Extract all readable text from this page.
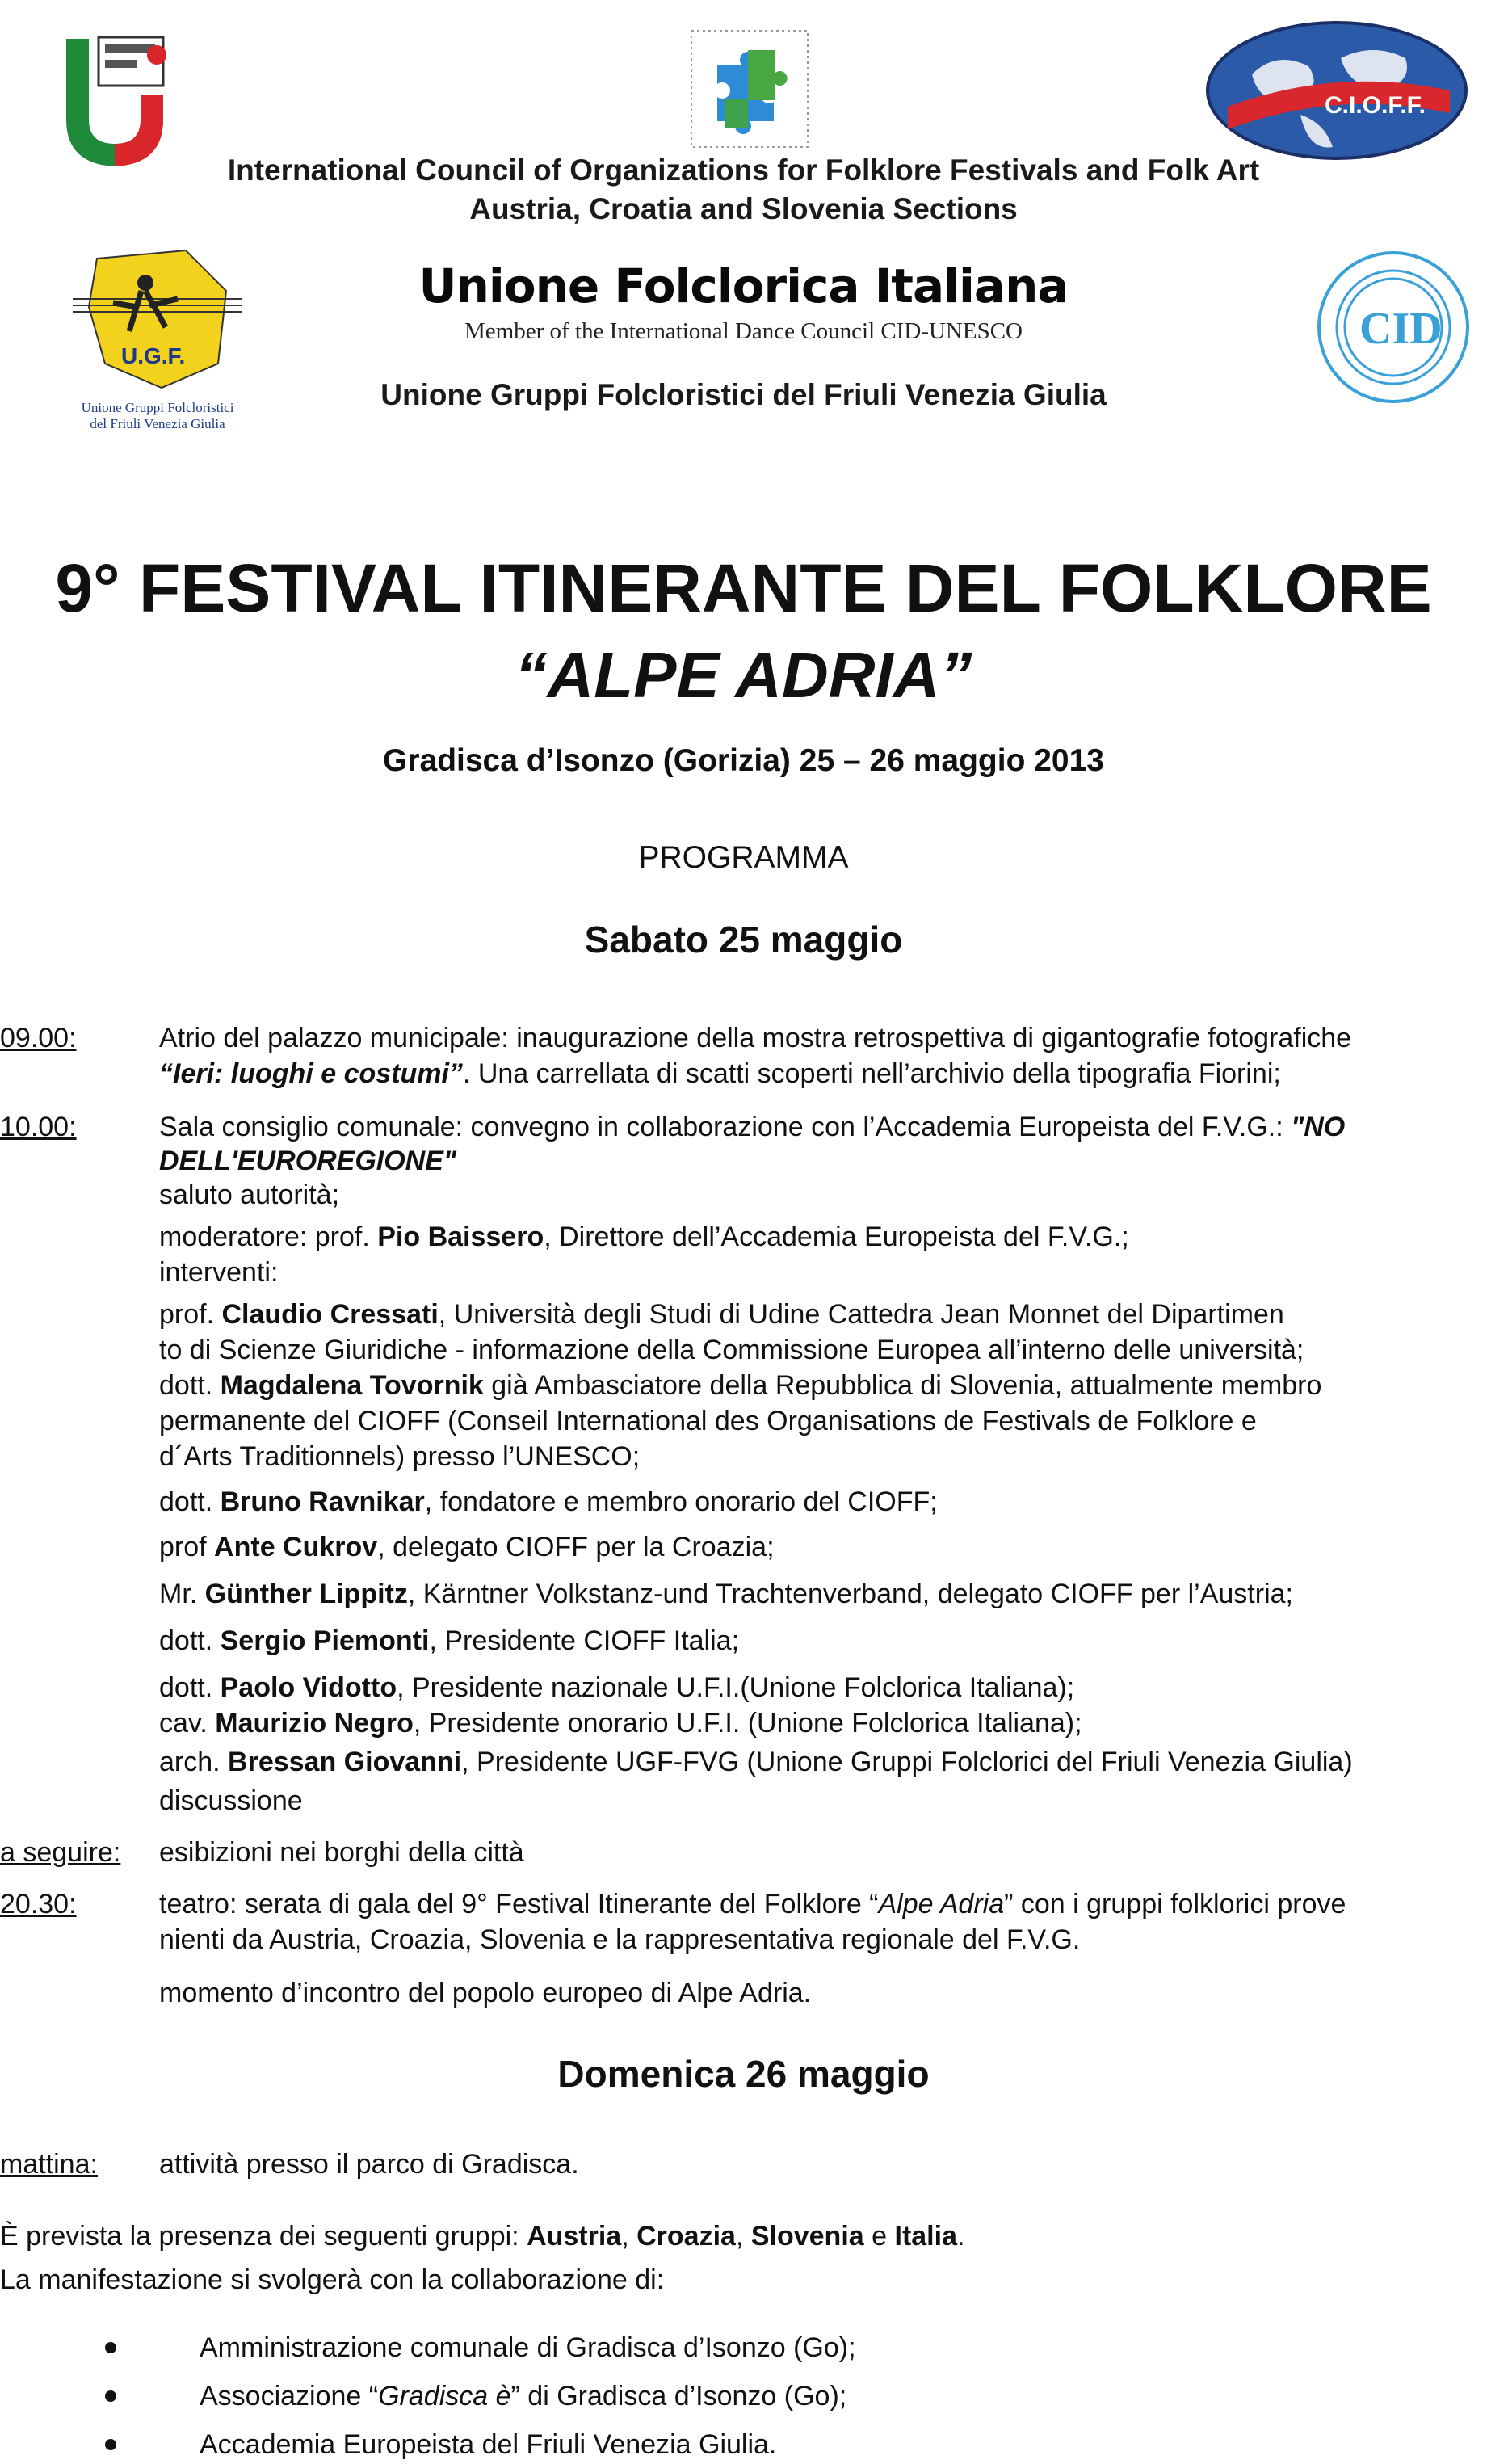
C.I.O.F.F.
International Council of Organizations for Folklore Festivals and Folk Art
Austria, Croatia and Slovenia Sections
U.G.F.
Unione Gruppi Folcloristici del Friuli Venezia Giulia
Unione Folclorica Italiana
Member of the International Dance Council CID-UNESCO
Unione Gruppi Folcloristici del Friuli Venezia Giulia
CID
9° FESTIVAL ITINERANTE DEL FOLKLORE
“ALPE ADRIA”
Gradisca d’Isonzo (Gorizia) 25 – 26 maggio 2013
PROGRAMMA
Sabato 25 maggio
09.00:	Atrio del palazzo municipale: inaugurazione della mostra retrospettiva di gigantografie fotografiche
“Ieri: luoghi e costumi”. Una carrellata di scatti scoperti nell’archivio della tipografia Fiorini;
10.00:	Sala consiglio comunale: convegno in collaborazione con l’Accademia Europeista del F.V.G.: "NO
DELL'EUROREGIONE"
saluto autorità;
moderatore: prof. Pio Baissero, Direttore dell’Accademia Europeista del F.V.G.;
interventi:
prof. Claudio Cressati, Università degli Studi di Udine Cattedra Jean Monnet del Dipartimen
to di Scienze Giuridiche - informazione della Commissione Europea all’interno delle università;
dott. Magdalena Tovornik già Ambasciatore della Repubblica di Slovenia, attualmente membro
permanente del CIOFF (Conseil International des Organisations de Festivals de Folklore e
d´Arts Traditionnels) presso l’UNESCO;
dott. Bruno Ravnikar, fondatore e membro onorario del CIOFF;
prof Ante Cukrov, delegato CIOFF per la Croazia;
Mr. Günther Lippitz, Kärntner Volkstanz-und Trachtenverband, delegato CIOFF per l’Austria;
dott. Sergio Piemonti, Presidente CIOFF Italia;
dott. Paolo Vidotto, Presidente nazionale U.F.I.(Unione Folclorica Italiana);
cav. Maurizio Negro, Presidente onorario U.F.I. (Unione Folclorica Italiana);
arch. Bressan Giovanni, Presidente UGF-FVG (Unione Gruppi Folclorici del Friuli Venezia Giulia)
discussione
a seguire: esibizioni nei borghi della città
20.30:	teatro: serata di gala del 9° Festival Itinerante del Folklore “Alpe Adria” con i gruppi folklorici prove
nienti da Austria, Croazia, Slovenia e la rappresentativa regionale del F.V.G.
momento d’incontro del popolo europeo di Alpe Adria.
Domenica 26 maggio
mattina: attività presso il parco di Gradisca.
È prevista la presenza dei seguenti gruppi: Austria, Croazia, Slovenia e Italia.
La manifestazione si svolgerà con la collaborazione di:
Amministrazione comunale di Gradisca d’Isonzo (Go);
Associazione “Gradisca è” di Gradisca d’Isonzo (Go);
Accademia Europeista del Friuli Venezia Giulia.
